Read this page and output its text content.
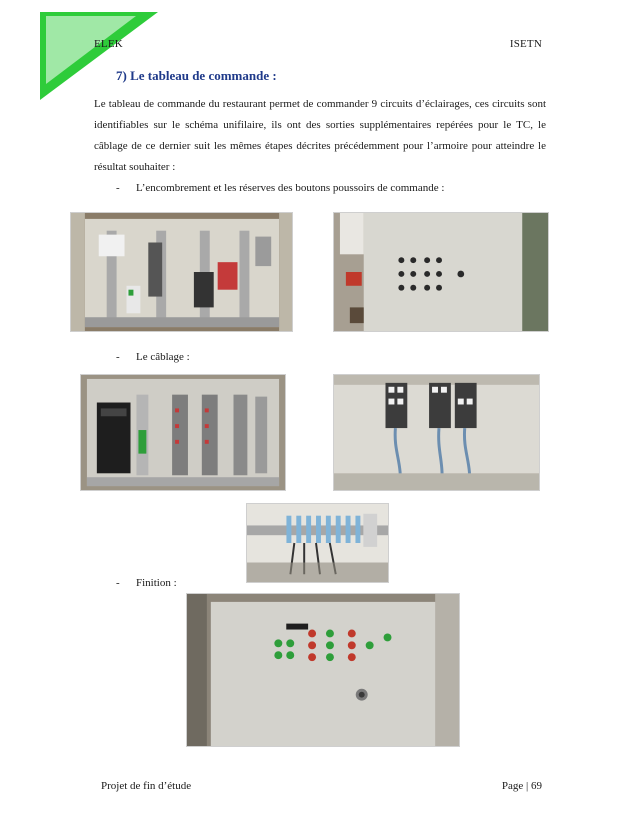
ELEK	ISETN
7) Le tableau de commande :
Le tableau de commande du restaurant permet de commander 9 circuits d’éclairages, ces circuits sont identifiables sur le schéma unifilaire, ils ont des sorties supplémentaires repérées pour le TC, le câblage de ce dernier suit les mêmes étapes décrites précédemment pour l’armoire pour atteindre le résultat souhaiter :
- L’encombrement et les réserves des boutons poussoirs de commande :
- Le câblage :
- Finition :
Projet de fin d’étude	Page | 69
